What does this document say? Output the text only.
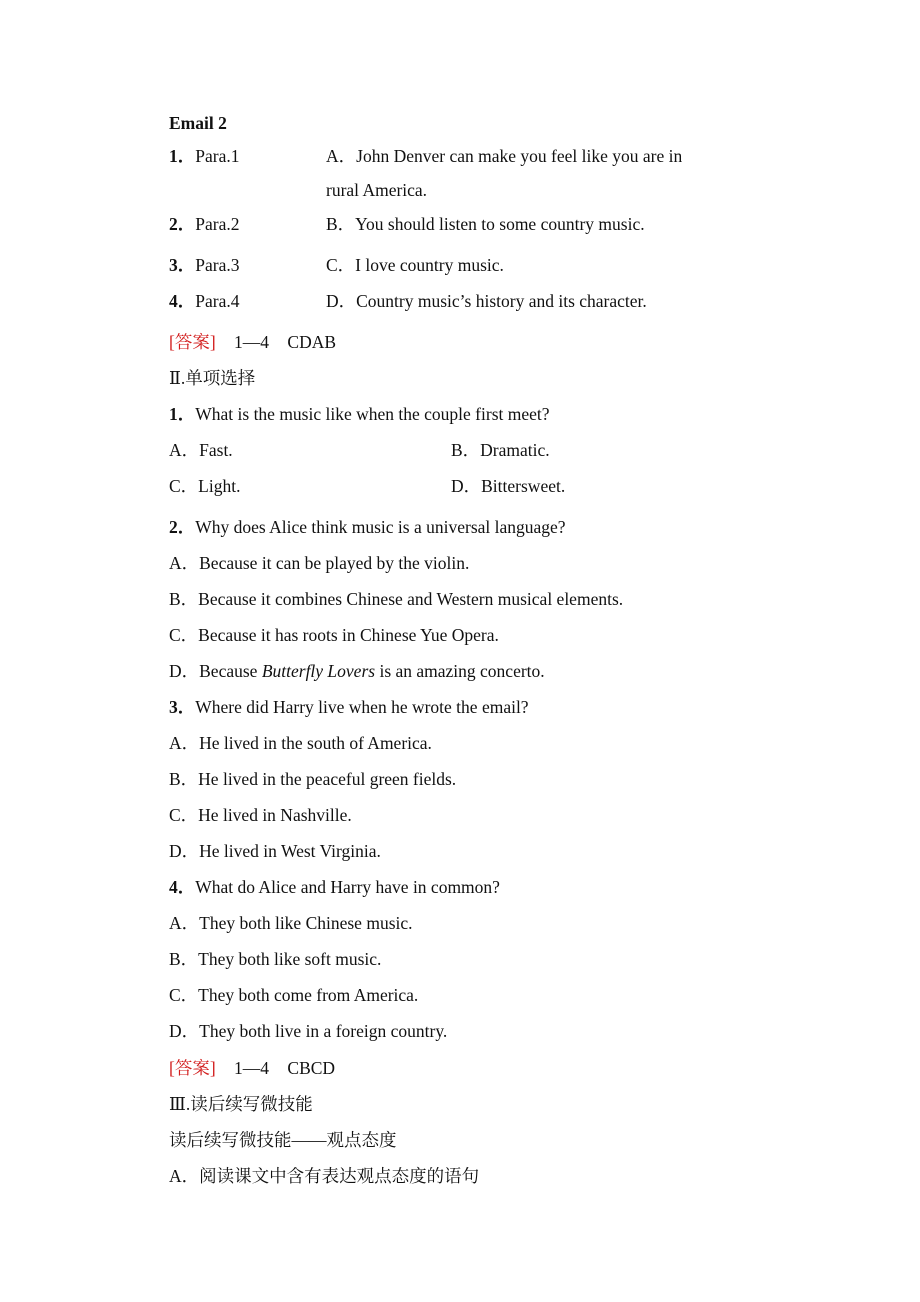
Email 2
1．Para.1	A．John Denver can make you feel like you are in
rural America.
2．Para.2	B．You should listen to some country music.
3．Para.3	C．I love country music.
4．Para.4	D．Country music’s history and its character.
[答案] 1—4 CDAB
Ⅱ.单项选择
1．What is the music like when the couple first meet?
A．Fast.	B．Dramatic.
C．Light.	D．Bittersweet.
2．Why does Alice think music is a universal language?
A．Because it can be played by the violin.
B．Because it combines Chinese and Western musical elements.
C．Because it has roots in Chinese Yue Opera.
D．Because Butterfly Lovers is an amazing concerto.
3．Where did Harry live when he wrote the email?
A．He lived in the south of America.
B．He lived in the peaceful green fields.
C．He lived in Nashville.
D．He lived in West Virginia.
4．What do Alice and Harry have in common?
A．They both like Chinese music.
B．They both like soft music.
C．They both come from America.
D．They both live in a foreign country.
[答案] 1—4 CBCD
Ⅲ.读后续写微技能
读后续写微技能——观点态度
A．阅读课文中含有表达观点态度的语句
